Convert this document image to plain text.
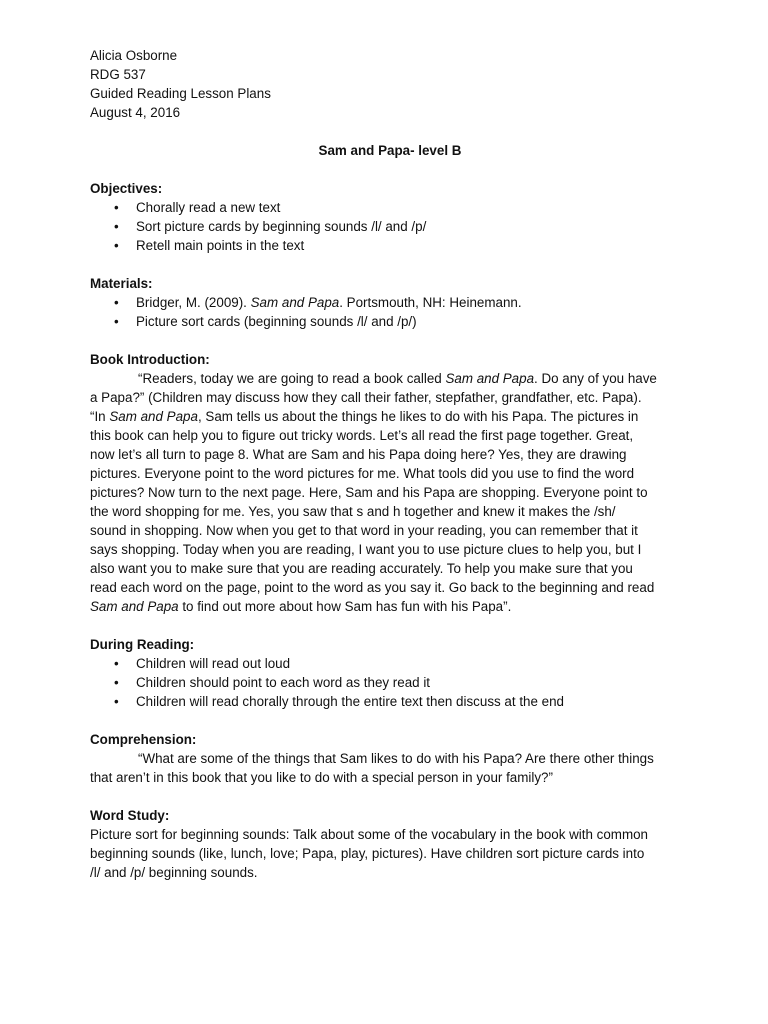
Alicia Osborne
RDG 537
Guided Reading Lesson Plans
August 4, 2016
Sam and Papa- level B
Objectives:
• Chorally read a new text
• Sort picture cards by beginning sounds /l/ and /p/
• Retell main points in the text
Materials:
• Bridger, M. (2009). Sam and Papa. Portsmouth, NH: Heinemann.
• Picture sort cards (beginning sounds /l/ and /p/)
Book Introduction:
“Readers, today we are going to read a book called Sam and Papa. Do any of you have
a Papa?” (Children may discuss how they call their father, stepfather, grandfather, etc. Papa).
“In Sam and Papa, Sam tells us about the things he likes to do with his Papa. The pictures in
this book can help you to figure out tricky words. Let’s all read the first page together. Great,
now let’s all turn to page 8. What are Sam and his Papa doing here? Yes, they are drawing
pictures. Everyone point to the word pictures for me. What tools did you use to find the word
pictures? Now turn to the next page. Here, Sam and his Papa are shopping. Everyone point to
the word shopping for me. Yes, you saw that s and h together and knew it makes the /sh/
sound in shopping. Now when you get to that word in your reading, you can remember that it
says shopping. Today when you are reading, I want you to use picture clues to help you, but I
also want you to make sure that you are reading accurately. To help you make sure that you
read each word on the page, point to the word as you say it. Go back to the beginning and read
Sam and Papa to find out more about how Sam has fun with his Papa”.
During Reading:
• Children will read out loud
• Children should point to each word as they read it
• Children will read chorally through the entire text then discuss at the end
Comprehension:
“What are some of the things that Sam likes to do with his Papa? Are there other things
that aren’t in this book that you like to do with a special person in your family?”
Word Study:
Picture sort for beginning sounds: Talk about some of the vocabulary in the book with common
beginning sounds (like, lunch, love; Papa, play, pictures). Have children sort picture cards into
/l/ and /p/ beginning sounds.
